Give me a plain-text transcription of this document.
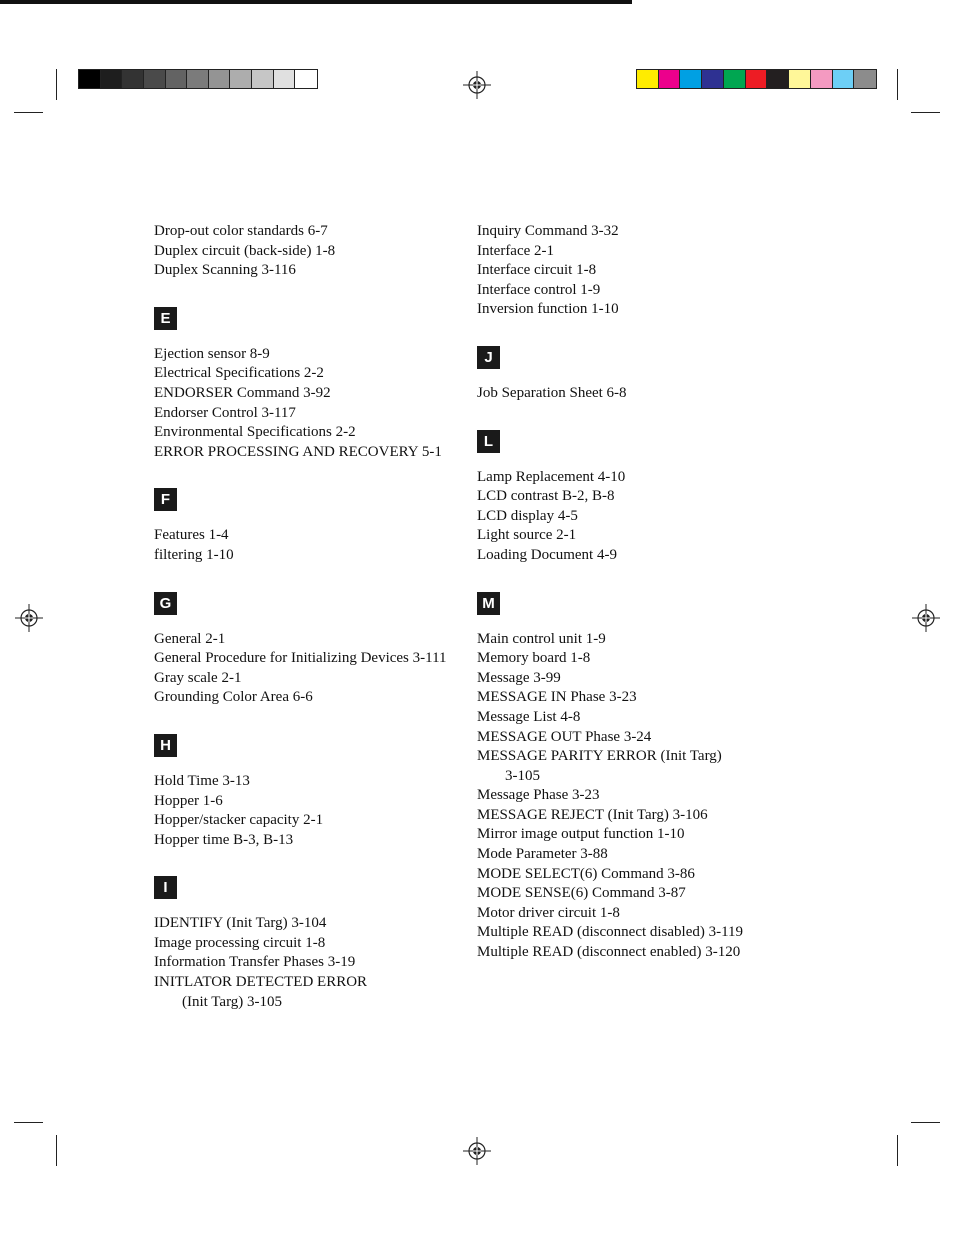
Drop-out color standards 6-7
Duplex circuit (back-side) 1-8
Duplex Scanning 3-116
E
Ejection sensor 8-9
Electrical Specifications 2-2
ENDORSER Command 3-92
Endorser Control 3-117
Environmental Specifications 2-2
ERROR PROCESSING AND RECOVERY 5-1
F
Features 1-4
filtering 1-10
G
General 2-1
General Procedure for Initializing Devices 3-111
Gray scale 2-1
Grounding Color Area 6-6
H
Hold Time 3-13
Hopper 1-6
Hopper/stacker capacity 2-1
Hopper time B-3, B-13
I
IDENTIFY (Init Targ) 3-104
Image processing circuit 1-8
Information Transfer Phases 3-19
INITLATOR DETECTED ERROR
(Init Targ) 3-105
Inquiry Command 3-32
Interface 2-1
Interface circuit 1-8
Interface control 1-9
Inversion function 1-10
J
Job Separation Sheet 6-8
L
Lamp Replacement 4-10
LCD contrast B-2, B-8
LCD display 4-5
Light source 2-1
Loading Document 4-9
M
Main control unit 1-9
Memory board 1-8
Message 3-99
MESSAGE IN Phase 3-23
Message List 4-8
MESSAGE OUT Phase 3-24
MESSAGE PARITY ERROR (Init Targ)
3-105
Message Phase 3-23
MESSAGE REJECT (Init Targ) 3-106
Mirror image output function 1-10
Mode Parameter 3-88
MODE SELECT(6) Command 3-86
MODE SENSE(6) Command 3-87
Motor driver circuit 1-8
Multiple READ (disconnect disabled) 3-119
Multiple READ (disconnect enabled) 3-120
